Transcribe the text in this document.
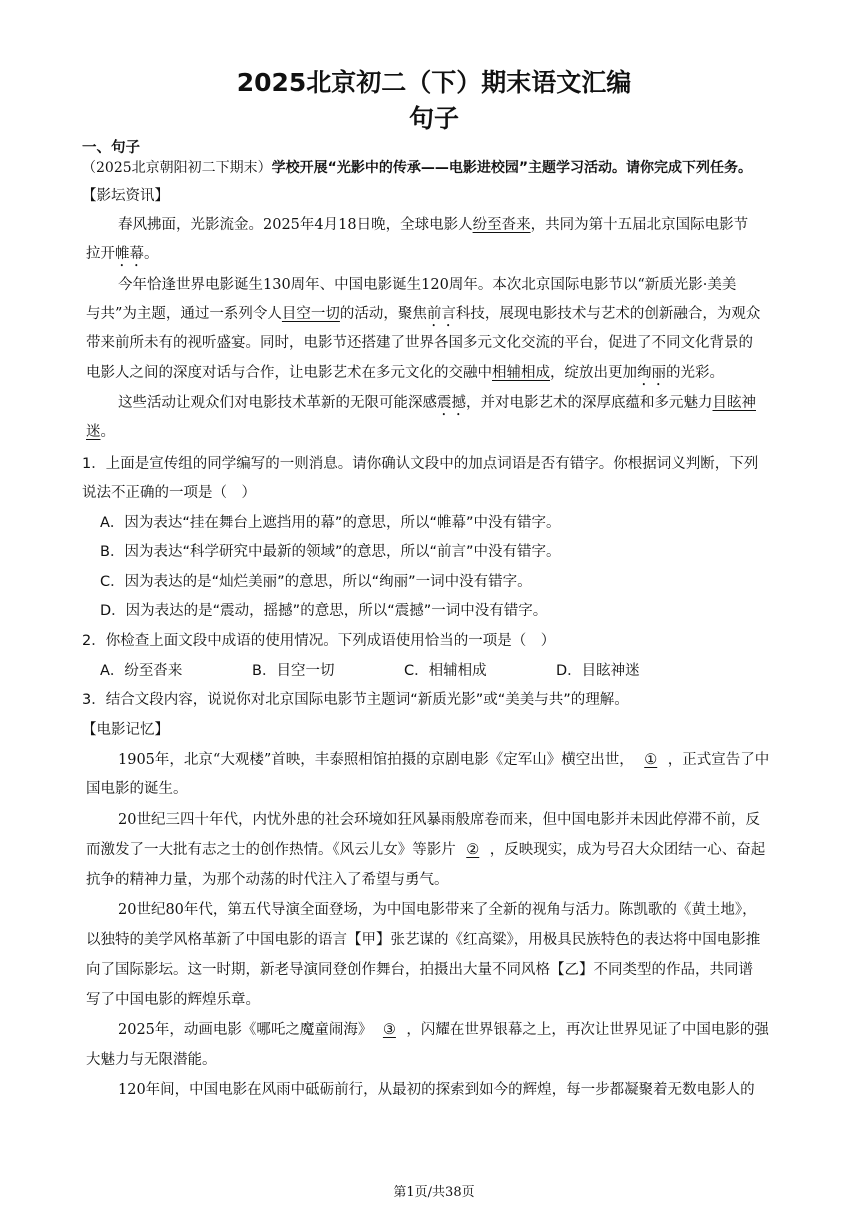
2025北京初二（下）期末语文汇编
句子
一、句子
（2025北京朝阳初二下期末）学校开展“光影中的传承——电影进校园”主题学习活动。请你完成下列任务。
【影坛资讯】
春风拂面，光影流金。2025年4月18日晚，全球电影人纷至沓来，共同为第十五届北京国际电影节
拉开帷幕。
今年恰逢世界电影诞生130周年、中国电影诞生120周年。本次北京国际电影节以“新质光影·美美
与共”为主题，通过一系列令人目空一切的活动，聚焦前言科技，展现电影技术与艺术的创新融合，为观众
带来前所未有的视听盛宴。同时，电影节还搭建了世界各国多元文化交流的平台，促进了不同文化背景的
电影人之间的深度对话与合作，让电影艺术在多元文化的交融中相辅相成，绽放出更加绚丽的光彩。
这些活动让观众们对电影技术革新的无限可能深感震撼，并对电影艺术的深厚底蕴和多元魅力目眩神
迷。
1．上面是宣传组的同学编写的一则消息。请你确认文段中的加点词语是否有错字。你根据词义判断，下列
说法不正确的一项是（　）
A．因为表达“挂在舞台上遮挡用的幕”的意思，所以“帷幕”中没有错字。
B．因为表达“科学研究中最新的领域”的意思，所以“前言”中没有错字。
C．因为表达的是“灿烂美丽”的意思，所以“绚丽”一词中没有错字。
D．因为表达的是“震动，摇撼”的意思，所以“震撼”一词中没有错字。
2．你检查上面文段中成语的使用情况。下列成语使用恰当的一项是（　）
A．纷至沓来	B．目空一切	C．相辅相成	D．目眩神迷
3．结合文段内容，说说你对北京国际电影节主题词“新质光影”或“美美与共”的理解。
【电影记忆】
1905年，北京“大观楼”首映，丰泰照相馆拍摄的京剧电影《定军山》横空出世， ① ，正式宣告了中
国电影的诞生。
20世纪三四十年代，内忧外患的社会环境如狂风暴雨般席卷而来，但中国电影并未因此停滞不前，反
而激发了一大批有志之士的创作热情。《风云儿女》等影片 ② ，反映现实，成为号召大众团结一心、奋起
抗争的精神力量，为那个动荡的时代注入了希望与勇气。
20世纪80年代，第五代导演全面登场，为中国电影带来了全新的视角与活力。陈凯歌的《黄土地》，
以独特的美学风格革新了中国电影的语言【甲】张艺谋的《红高粱》，用极具民族特色的表达将中国电影推
向了国际影坛。这一时期，新老导演同登创作舞台，拍摄出大量不同风格【乙】不同类型的作品，共同谱
写了中国电影的辉煌乐章。
2025年，动画电影《哪吒之魔童闹海》 ③ ，闪耀在世界银幕之上，再次让世界见证了中国电影的强
大魅力与无限潜能。
120年间，中国电影在风雨中砥砺前行，从最初的探索到如今的辉煌，每一步都凝聚着无数电影人的
第1页/共38页
